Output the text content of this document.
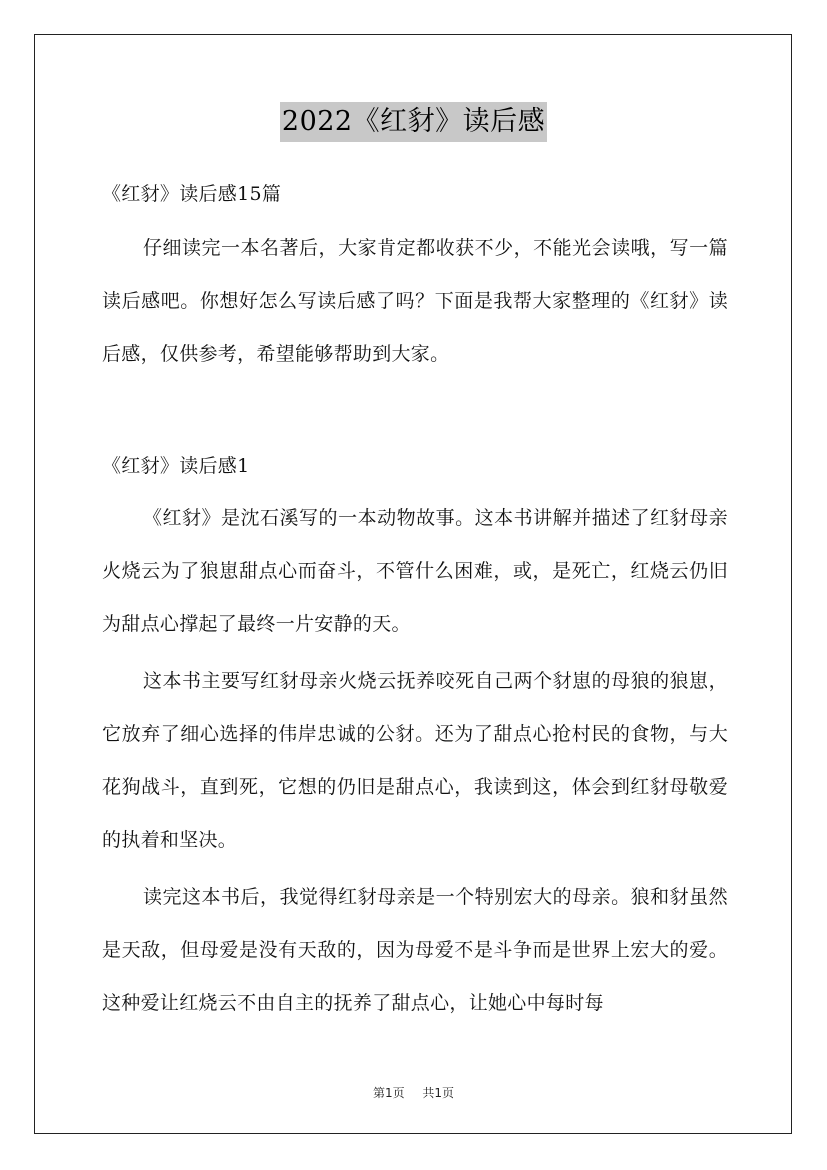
2022《红豺》读后感

《红豺》读后感15篇

仔细读完一本名著后，大家肯定都收获不少，不能光会读哦，写一篇读后感吧。你想好怎么写读后感了吗？下面是我帮大家整理的《红豺》读后感，仅供参考，希望能够帮助到大家。

《红豺》读后感1

《红豺》是沈石溪写的一本动物故事。这本书讲解并描述了红豺母亲火烧云为了狼崽甜点心而奋斗，不管什么困难，或，是死亡，红烧云仍旧为甜点心撑起了最终一片安静的天。

这本书主要写红豺母亲火烧云抚养咬死自己两个豺崽的母狼的狼崽，它放弃了细心选择的伟岸忠诚的公豺。还为了甜点心抢村民的食物，与大花狗战斗，直到死，它想的仍旧是甜点心，我读到这，体会到红豺母敬爱的执着和坚决。

读完这本书后，我觉得红豺母亲是一个特别宏大的母亲。狼和豺虽然是天敌，但母爱是没有天敌的，因为母爱不是斗争而是世界上宏大的爱。这种爱让红烧云不由自主的抚养了甜点心，让她心中每时每

第1页 共1页
